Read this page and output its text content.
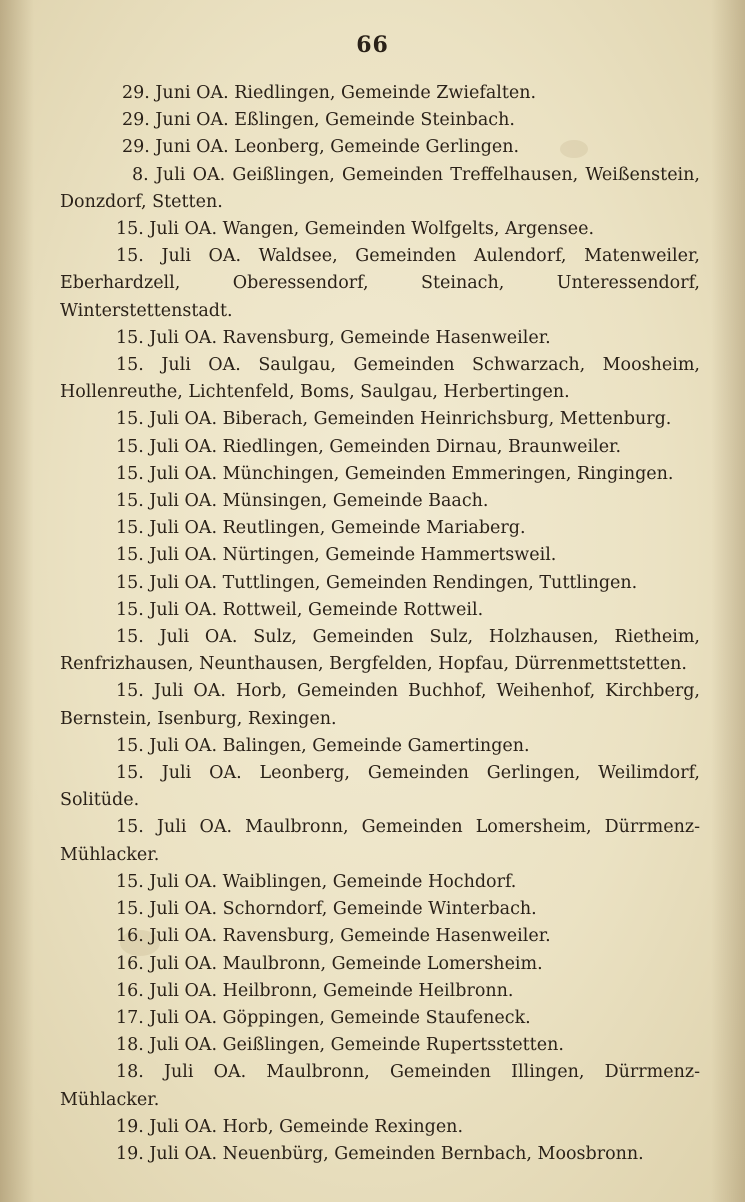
66

29. Juni OA. Riedlingen, Gemeinde Zwiefalten.

29. Juni OA. Eßlingen, Gemeinde Steinbach.

29. Juni OA. Leonberg, Gemeinde Gerlingen.

8. Juli OA. Geißlingen, Gemeinden Treffelhausen, Weißenstein, Donzdorf, Stetten.

15. Juli OA. Wangen, Gemeinden Wolfgelts, Argensee.

15. Juli OA. Waldsee, Gemeinden Aulendorf, Matenweiler, Eberhardzell, Oberessendorf, Steinach, Unteressendorf, Winterstettenstadt.

15. Juli OA. Ravensburg, Gemeinde Hasenweiler.

15. Juli OA. Saulgau, Gemeinden Schwarzach, Moosheim, Hollenreuthe, Lichtenfeld, Boms, Saulgau, Herbertingen.

15. Juli OA. Biberach, Gemeinden Heinrichsburg, Mettenburg.

15. Juli OA. Riedlingen, Gemeinden Dirnau, Braunweiler.

15. Juli OA. Münchingen, Gemeinden Emmeringen, Ringingen.

15. Juli OA. Münsingen, Gemeinde Baach.

15. Juli OA. Reutlingen, Gemeinde Mariaberg.

15. Juli OA. Nürtingen, Gemeinde Hammertsweil.

15. Juli OA. Tuttlingen, Gemeinden Rendingen, Tuttlingen.

15. Juli OA. Rottweil, Gemeinde Rottweil.

15. Juli OA. Sulz, Gemeinden Sulz, Holzhausen, Rietheim, Renfrizhausen, Neunthausen, Bergfelden, Hopfau, Dürrenmettstetten.

15. Juli OA. Horb, Gemeinden Buchhof, Weihenhof, Kirchberg, Bernstein, Isenburg, Rexingen.

15. Juli OA. Balingen, Gemeinde Gamertingen.

15. Juli OA. Leonberg, Gemeinden Gerlingen, Weilimdorf, Solitüde.

15. Juli OA. Maulbronn, Gemeinden Lomersheim, Dürrmenz-Mühlacker.

15. Juli OA. Waiblingen, Gemeinde Hochdorf.

15. Juli OA. Schorndorf, Gemeinde Winterbach.

16. Juli OA. Ravensburg, Gemeinde Hasenweiler.

16. Juli OA. Maulbronn, Gemeinde Lomersheim.

16. Juli OA. Heilbronn, Gemeinde Heilbronn.

17. Juli OA. Göppingen, Gemeinde Staufeneck.

18. Juli OA. Geißlingen, Gemeinde Rupertsstetten.

18. Juli OA. Maulbronn, Gemeinden Illingen, Dürrmenz-Mühlacker.

19. Juli OA. Horb, Gemeinde Rexingen.

19. Juli OA. Neuenbürg, Gemeinden Bernbach, Moosbronn.
